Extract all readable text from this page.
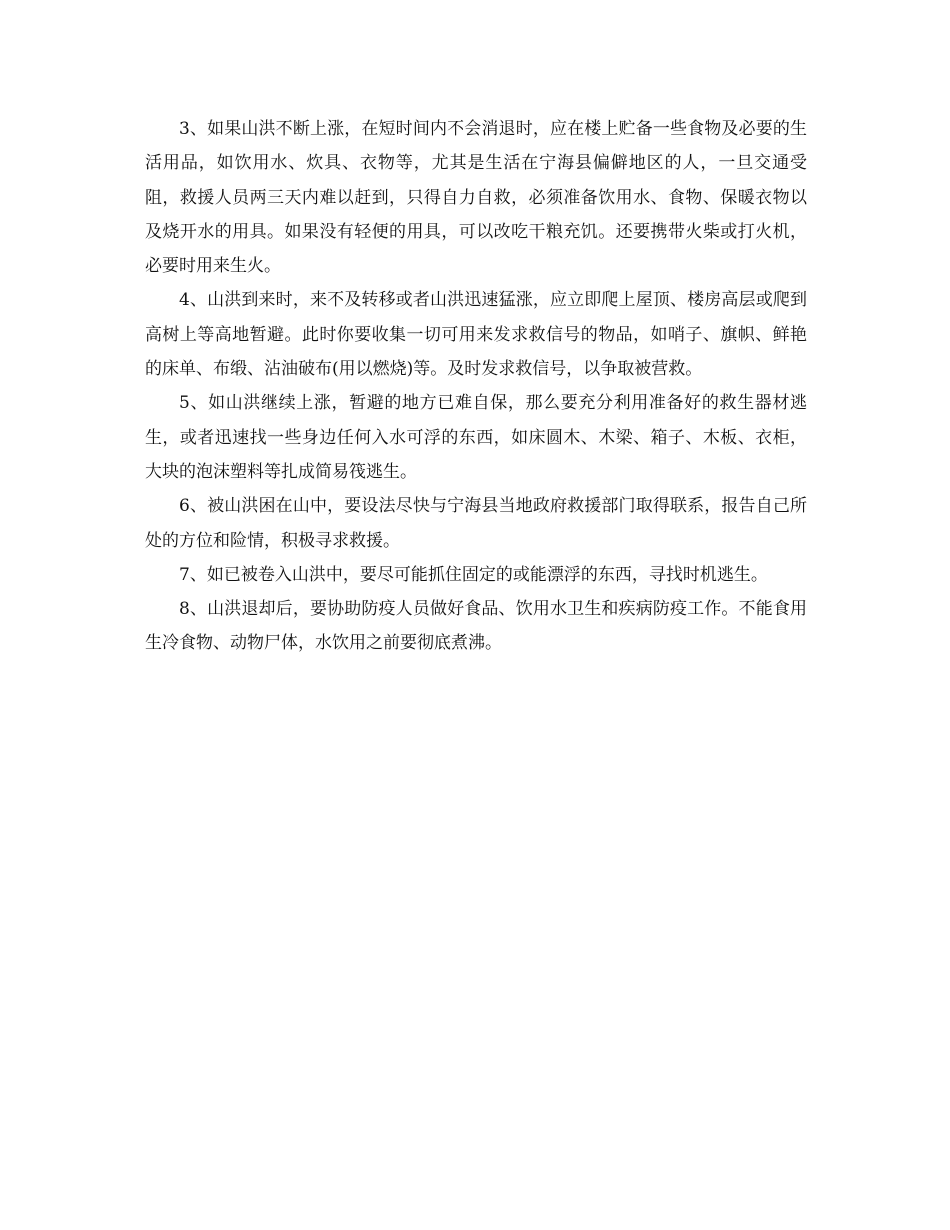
3、如果山洪不断上涨，在短时间内不会消退时，应在楼上贮备一些食物及必要的生活用品，如饮用水、炊具、衣物等，尤其是生活在宁海县偏僻地区的人，一旦交通受阻，救援人员两三天内难以赶到，只得自力自救，必须准备饮用水、食物、保暖衣物以及烧开水的用具。如果没有轻便的用具，可以改吃干粮充饥。还要携带火柴或打火机，必要时用来生火。

4、山洪到来时，来不及转移或者山洪迅速猛涨，应立即爬上屋顶、楼房高层或爬到高树上等高地暂避。此时你要收集一切可用来发求救信号的物品，如哨子、旗帜、鲜艳的床单、布缎、沾油破布(用以燃烧)等。及时发求救信号，以争取被营救。

5、如山洪继续上涨，暂避的地方已难自保，那么要充分利用准备好的救生器材逃生，或者迅速找一些身边任何入水可浮的东西，如床圆木、木梁、箱子、木板、衣柜，大块的泡沫塑料等扎成简易筏逃生。

6、被山洪困在山中，要设法尽快与宁海县当地政府救援部门取得联系，报告自己所处的方位和险情，积极寻求救援。

7、如已被卷入山洪中，要尽可能抓住固定的或能漂浮的东西，寻找时机逃生。

8、山洪退却后，要协助防疫人员做好食品、饮用水卫生和疾病防疫工作。不能食用生冷食物、动物尸体，水饮用之前要彻底煮沸。
